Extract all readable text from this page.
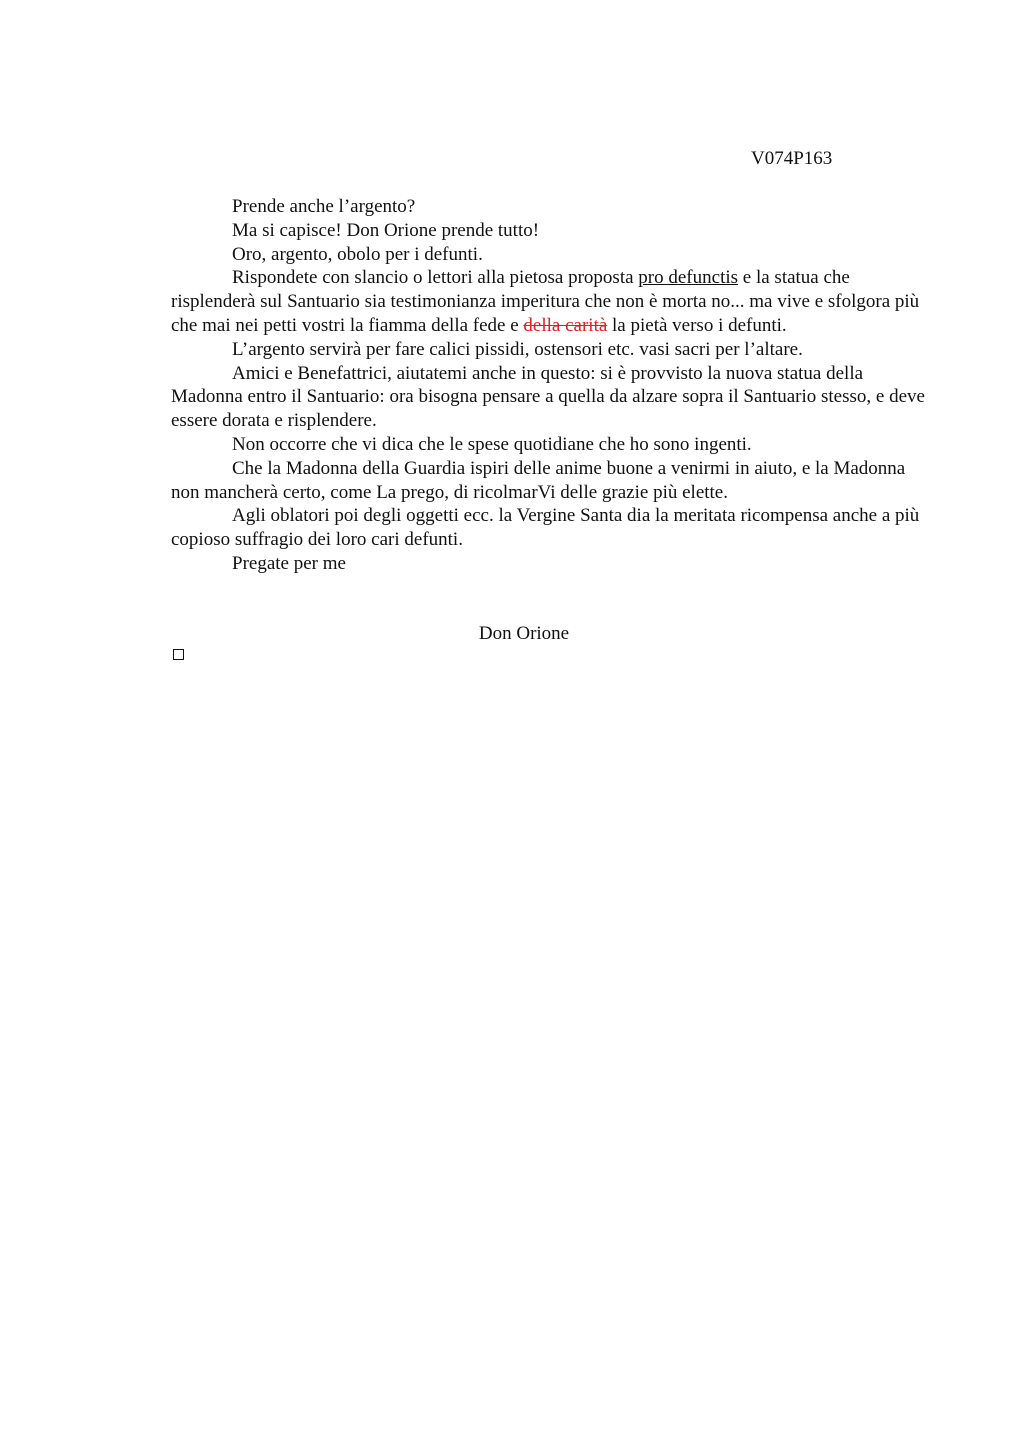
V074P163

Prende anche l’argento?

Ma si capisce! Don Orione prende tutto!

Oro, argento, obolo per i defunti.

Rispondete con slancio o lettori alla pietosa proposta pro defunctis e la statua che risplenderà sul Santuario sia testimonianza imperitura che non è morta no... ma vive e sfolgora più che mai nei petti vostri la fiamma della fede e della carità la pietà verso i defunti.

L’argento servirà per fare calici pissidi, ostensori etc. vasi sacri per l’altare.

Amici e Benefattrici, aiutatemi anche in questo: si è provvisto la nuova statua della Madonna entro il Santuario: ora bisogna pensare a quella da alzare sopra il Santuario stesso, e deve essere dorata e risplendere.

Non occorre che vi dica che le spese quotidiane che ho sono ingenti.

Che la Madonna della Guardia ispiri delle anime buone a venirmi in aiuto, e la Madonna non mancherà certo, come La prego, di ricolmarVi delle grazie più elette.

Agli oblatori poi degli oggetti ecc. la Vergine Santa dia la meritata ricompensa anche a più copioso suffragio dei loro cari defunti.

Pregate per me

Don Orione
